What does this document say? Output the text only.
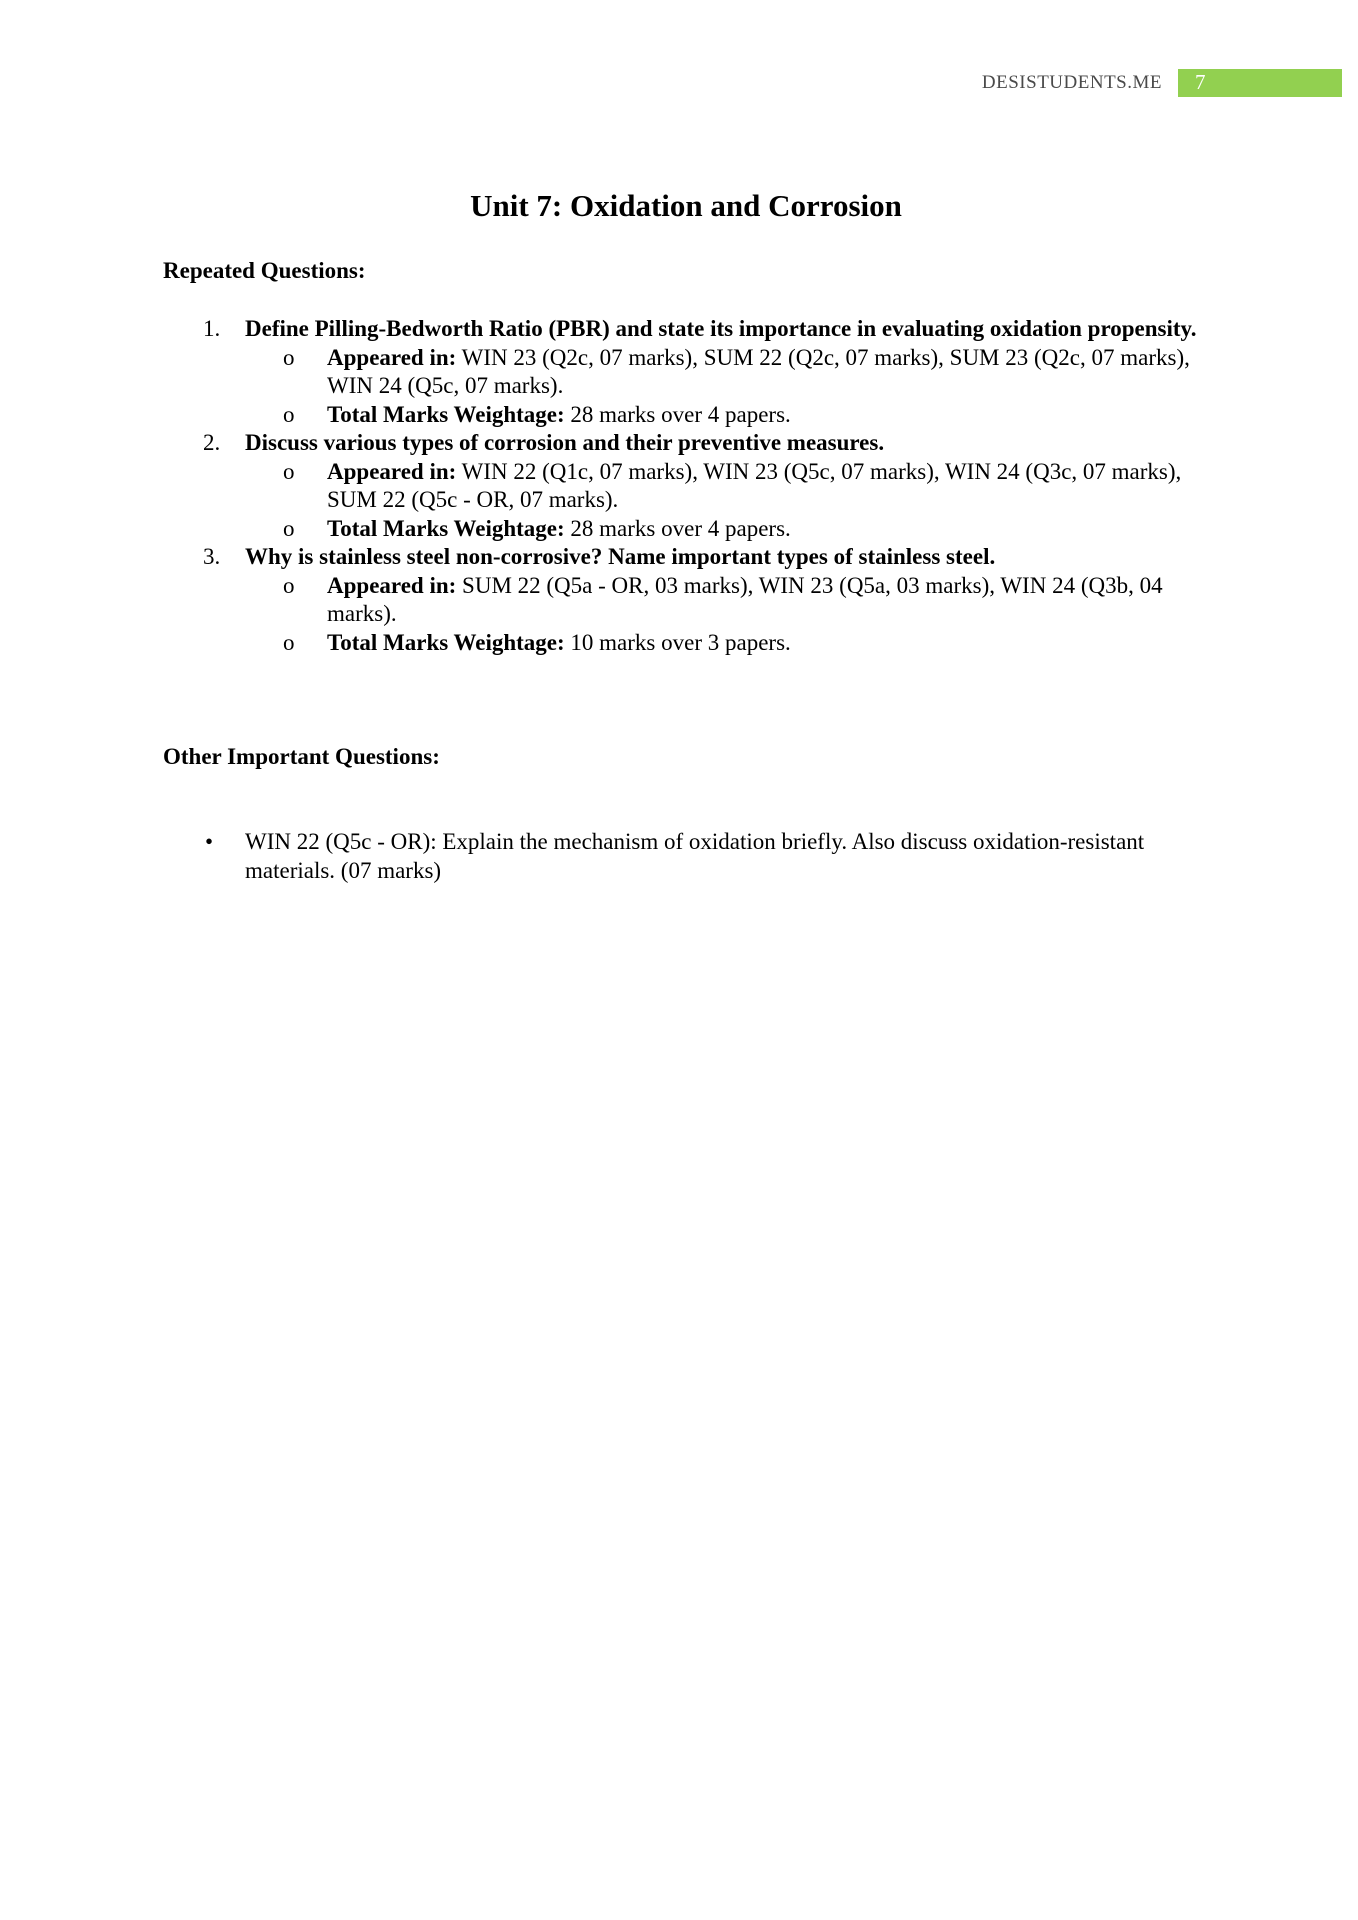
DESISTUDENTS.ME 7
Unit 7: Oxidation and Corrosion
Repeated Questions:
1. Define Pilling-Bedworth Ratio (PBR) and state its importance in evaluating oxidation propensity.
o Appeared in: WIN 23 (Q2c, 07 marks), SUM 22 (Q2c, 07 marks), SUM 23 (Q2c, 07 marks), WIN 24 (Q5c, 07 marks).
o Total Marks Weightage: 28 marks over 4 papers.
2. Discuss various types of corrosion and their preventive measures.
o Appeared in: WIN 22 (Q1c, 07 marks), WIN 23 (Q5c, 07 marks), WIN 24 (Q3c, 07 marks), SUM 22 (Q5c - OR, 07 marks).
o Total Marks Weightage: 28 marks over 4 papers.
3. Why is stainless steel non-corrosive? Name important types of stainless steel.
o Appeared in: SUM 22 (Q5a - OR, 03 marks), WIN 23 (Q5a, 03 marks), WIN 24 (Q3b, 04 marks).
o Total Marks Weightage: 10 marks over 3 papers.
Other Important Questions:
• WIN 22 (Q5c - OR): Explain the mechanism of oxidation briefly. Also discuss oxidation-resistant materials. (07 marks)
